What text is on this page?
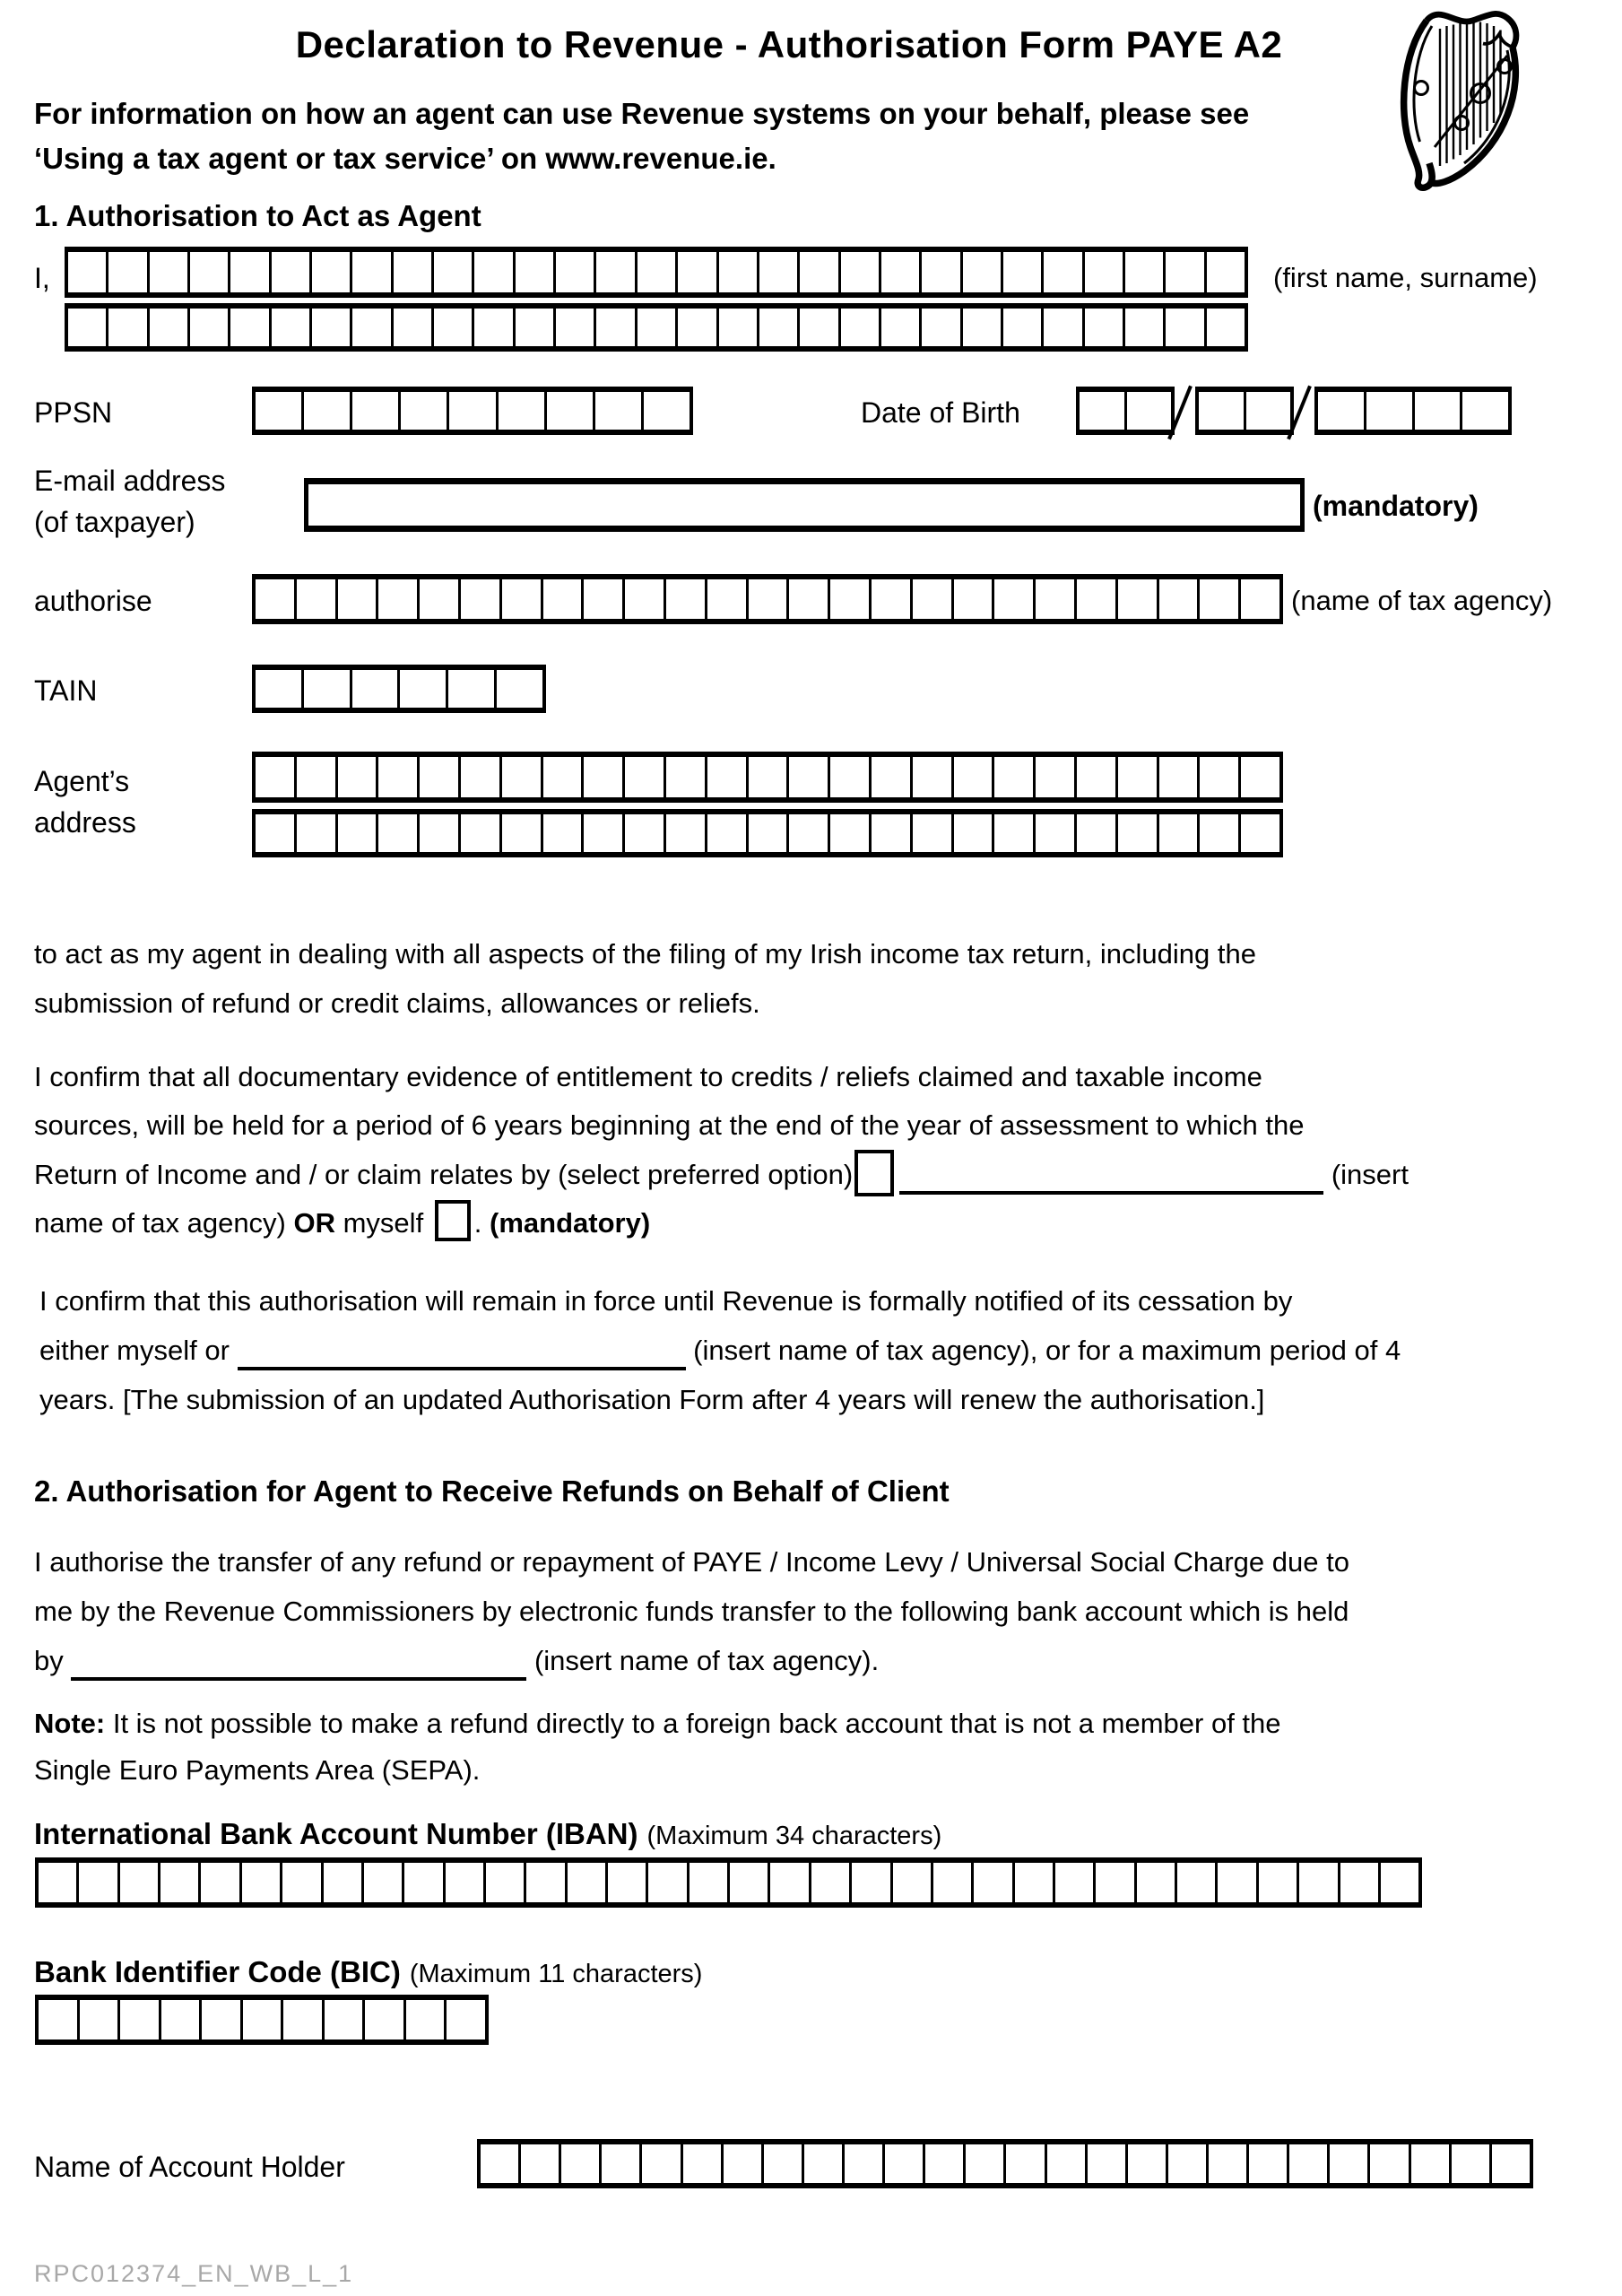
Declaration to Revenue - Authorisation Form PAYE A2
For information on how an agent can use Revenue systems on your behalf, please see
‘Using a tax agent or tax service’ on www.revenue.ie.
1. Authorisation to Act as Agent
I,	(first name, surname)
PPSN	Date of Birth
E-mail address
(of taxpayer)	(mandatory)
authorise	(name of tax agency)
TAIN
Agent’s
address
to act as my agent in dealing with all aspects of the filing of my Irish income tax return, including the
submission of refund or credit claims, allowances or reliefs.
I confirm that all documentary evidence of entitlement to credits / reliefs claimed and taxable income
sources, will be held for a period of 6 years beginning at the end of the year of assessment to which the
Return of Income and / or claim relates by (select preferred option)	(insert
name of tax agency) OR myself . (mandatory)
I confirm that this authorisation will remain in force until Revenue is formally notified of its cessation by
either myself or	(insert name of tax agency), or for a maximum period of 4
years. [The submission of an updated Authorisation Form after 4 years will renew the authorisation.]
2. Authorisation for Agent to Receive Refunds on Behalf of Client
I authorise the transfer of any refund or repayment of PAYE / Income Levy / Universal Social Charge due to
me by the Revenue Commissioners by electronic funds transfer to the following bank account which is held
by	(insert name of tax agency).
Note: It is not possible to make a refund directly to a foreign back account that is not a member of the
Single Euro Payments Area (SEPA).
International Bank Account Number (IBAN) (Maximum 34 characters)
Bank Identifier Code (BIC) (Maximum 11 characters)
Name of Account Holder
RPC012374_EN_WB_L_1
